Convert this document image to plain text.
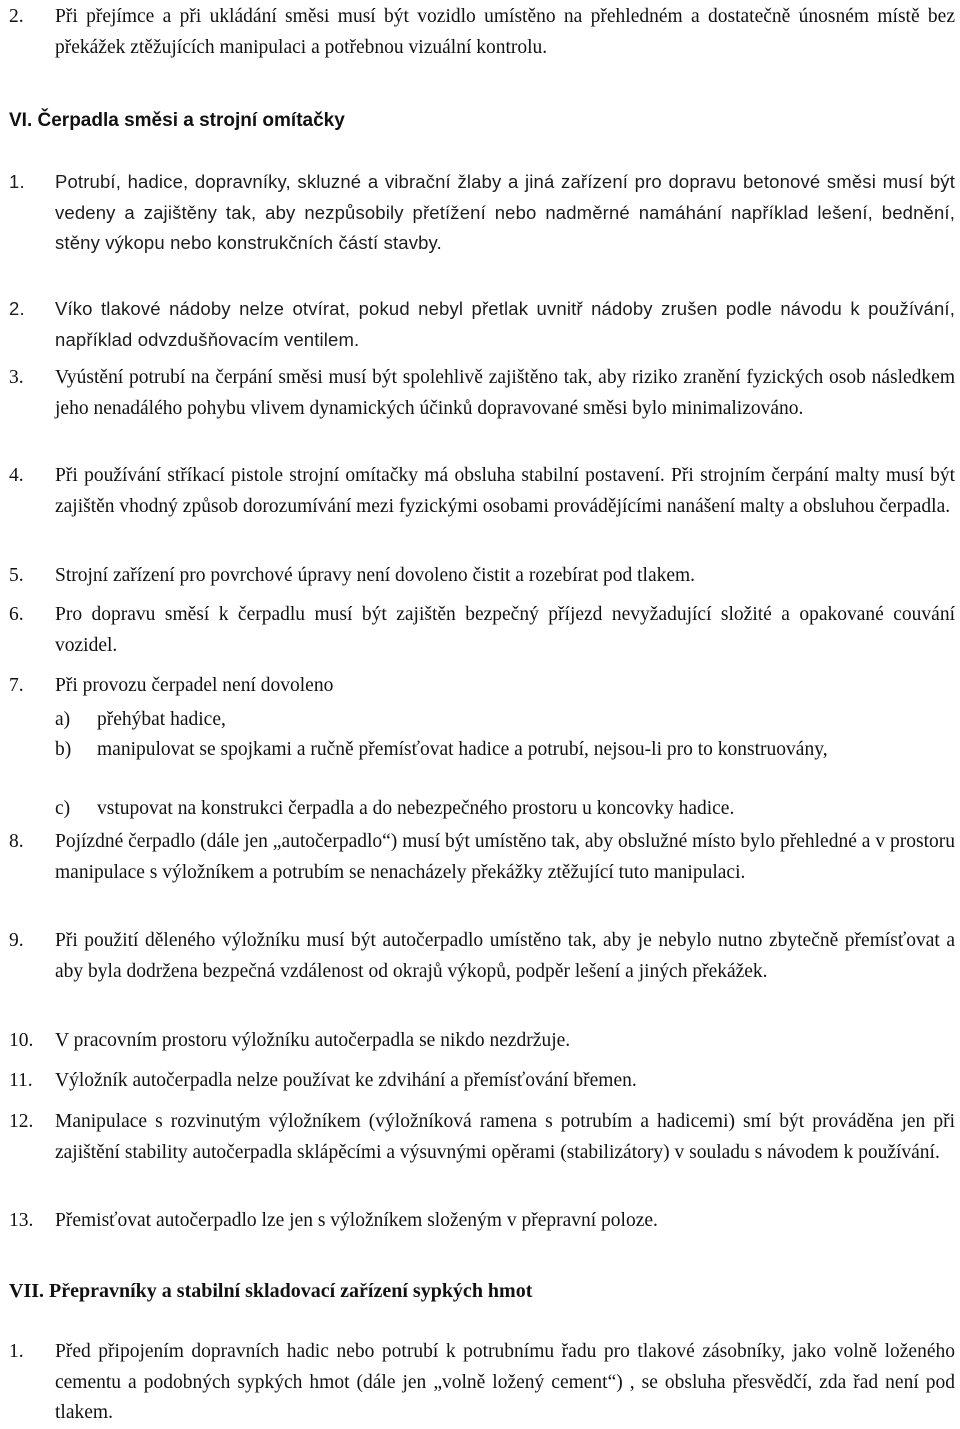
2. Při přejímce a při ukládání směsi musí být vozidlo umístěno na přehledném a dostatečně únosném místě bez překážek ztěžujících manipulaci a potřebnou vizuální kontrolu.
VI. Čerpadla směsi a strojní omítačky
1. Potrubí, hadice, dopravníky, skluzné a vibrační žlaby a jiná zařízení pro dopravu betonové směsi musí být vedeny a zajištěny tak, aby nezpůsobily přetížení nebo nadměrné namáhání například lešení, bednění, stěny výkopu nebo konstrukčních částí stavby.
2. Víko tlakové nádoby nelze otvírat, pokud nebyl přetlak uvnitř nádoby zrušen podle návodu k používání, například odvzdušňovacím ventilem.
3. Vyústění potrubí na čerpání směsi musí být spolehlivě zajištěno tak, aby riziko zranění fyzických osob následkem jeho nenadálého pohybu vlivem dynamických účinků dopravované směsi bylo minimalizováno.
4. Při používání stříkací pistole strojní omítačky má obsluha stabilní postavení. Při strojním čerpání malty musí být zajištěn vhodný způsob dorozumívání mezi fyzickými osobami provádějícími nanášení malty a obsluhou čerpadla.
5. Strojní zařízení pro povrchové úpravy není dovoleno čistit a rozebírat pod tlakem.
6. Pro dopravu směsí k čerpadlu musí být zajištěn bezpečný příjezd nevyžadující složité a opakované couvání vozidel.
7. Při provozu čerpadel není dovoleno
a) přehýbat hadice,
b) manipulovat se spojkami a ručně přemísťovat hadice a potrubí, nejsou-li pro to konstruovány,
c) vstupovat na konstrukci čerpadla a do nebezpečného prostoru u koncovky hadice.
8. Pojízdné čerpadlo (dále jen „autočerpadlo“) musí být umístěno tak, aby obslužné místo bylo přehledné a v prostoru manipulace s výložníkem a potrubím se nenacházely překážky ztěžující tuto manipulaci.
9. Při použití děleného výložníku musí být autočerpadlo umístěno tak, aby je nebylo nutno zbytečně přemísťovat a aby byla dodržena bezpečná vzdálenost od okrajů výkopů, podpěr lešení a jiných překážek.
10. V pracovním prostoru výložníku autočerpadla se nikdo nezdržuje.
11. Výložník autočerpadla nelze používat ke zdvihání a přemísťování břemen.
12. Manipulace s rozvinutým výložníkem (výložníková ramena s potrubím a hadicemi) smí být prováděna jen při zajištění stability autočerpadla sklápěcími a výsuvnými opěrami (stabilizátory) v souladu s návodem k používání.
13. Přemisťovat autočerpadlo lze jen s výložníkem složeným v přepravní poloze.
VII. Přepravníky a stabilní skladovací zařízení sypkých hmot
1. Před připojením dopravních hadic nebo potrubí k potrubnímu řadu pro tlakové zásobníky, jako volně loženého cementu a podobných sypkých hmot (dále jen „volně ložený cement“) , se obsluha přesvědčí, zda řad není pod tlakem.
